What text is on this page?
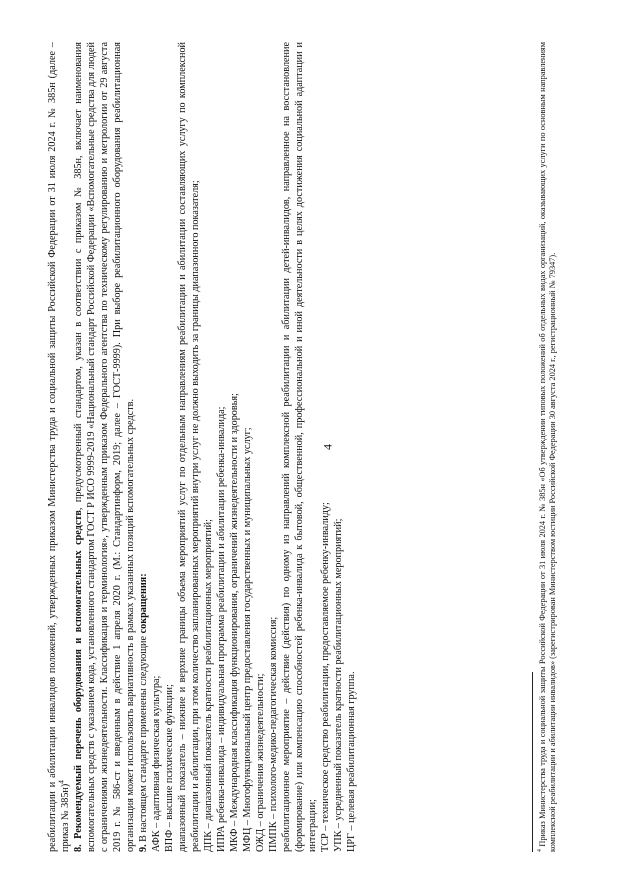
4

реабилитации и абилитации инвалидов положений, утвержденных приказом Министерства труда и социальной защиты Российской Федерации от 31 июля 2024 г. № 385н (далее – приказ № 385н)$^4$

8. Рекомендуемый перечень оборудования и вспомогательных средств, предусмотренный стандартом, указан в соответствии с приказом № 385н, включает наименования вспомогательных средств с указанием кода, установленного стандартом ГОСТ Р ИСО 9999-2019 «Национальный стандарт Российской Федерации «Вспомогательные средства для людей с ограничениями жизнедеятельности. Классификация и терминология», утвержденным приказом Федерального агентства по техническому регулированию и метрологии от 29 августа 2019 г. № 586-ст и введенным в действие 1 апреля 2020 г. (М.: Стандартинформ, 2019; далее – ГОСТ-9999). При выборе реабилитационного оборудования реабилитационная организация может использовать вариативность в рамках указанных позиций вспомогательных средств. 9. В настоящем стандарте применены следующие сокращения:

АФК – адаптивная физическая культура; ВПФ – высшие психические функции; диапазонный показатель – нижние и верхние границы объема мероприятий услуг по отдельным направлениям реабилитации и абилитации составляющих услугу по комплексной реабилитации и абилитации, при этом количество запланированных мероприятий внутри услуг не должно выходить за границы диапазонного показателя; ДПК – диапазонный показатель кратности реабилитационных мероприятий; ИПРА ребенка-инвалида – индивидуальная программа реабилитации и абилитации ребенка-инвалида; МКФ – Международная классификация функционирования, ограничений жизнедеятельности и здоровья; МФЦ – Многофункциональный центр предоставления государственных и муниципальных услуг; ОЖД – ограничения жизнедеятельности; ПМПК – психолого-медико-педагогическая комиссия; реабилитационное мероприятие – действие (действия) по одному из направлений комплексной реабилитации и абилитации детей-инвалидов, направленное на восстановление (формирование) или компенсацию способностей ребенка-инвалида к бытовой, общественной, профессиональной и иной деятельности в целях достижения социальной адаптации и интеграции; ТСР – техническое средство реабилитации, предоставляемое ребенку-инвалиду; УПК – усредненный показатель кратности реабилитационных мероприятий; ЦРГ – целевая реабилитационная группа.	$^4$ Приказ Министерства труда и социальной защиты Российской Федерации от 31 июля 2024 г. № 385н «Об утверждении типовых положений об отдельных видах организаций, оказывающих услуги по основным направлениям комплексной реабилитации и абилитации инвалидов» (зарегистрирован Министерством юстиции Российской Федерации 30 августа 2024 г., регистрационный № 79347).
